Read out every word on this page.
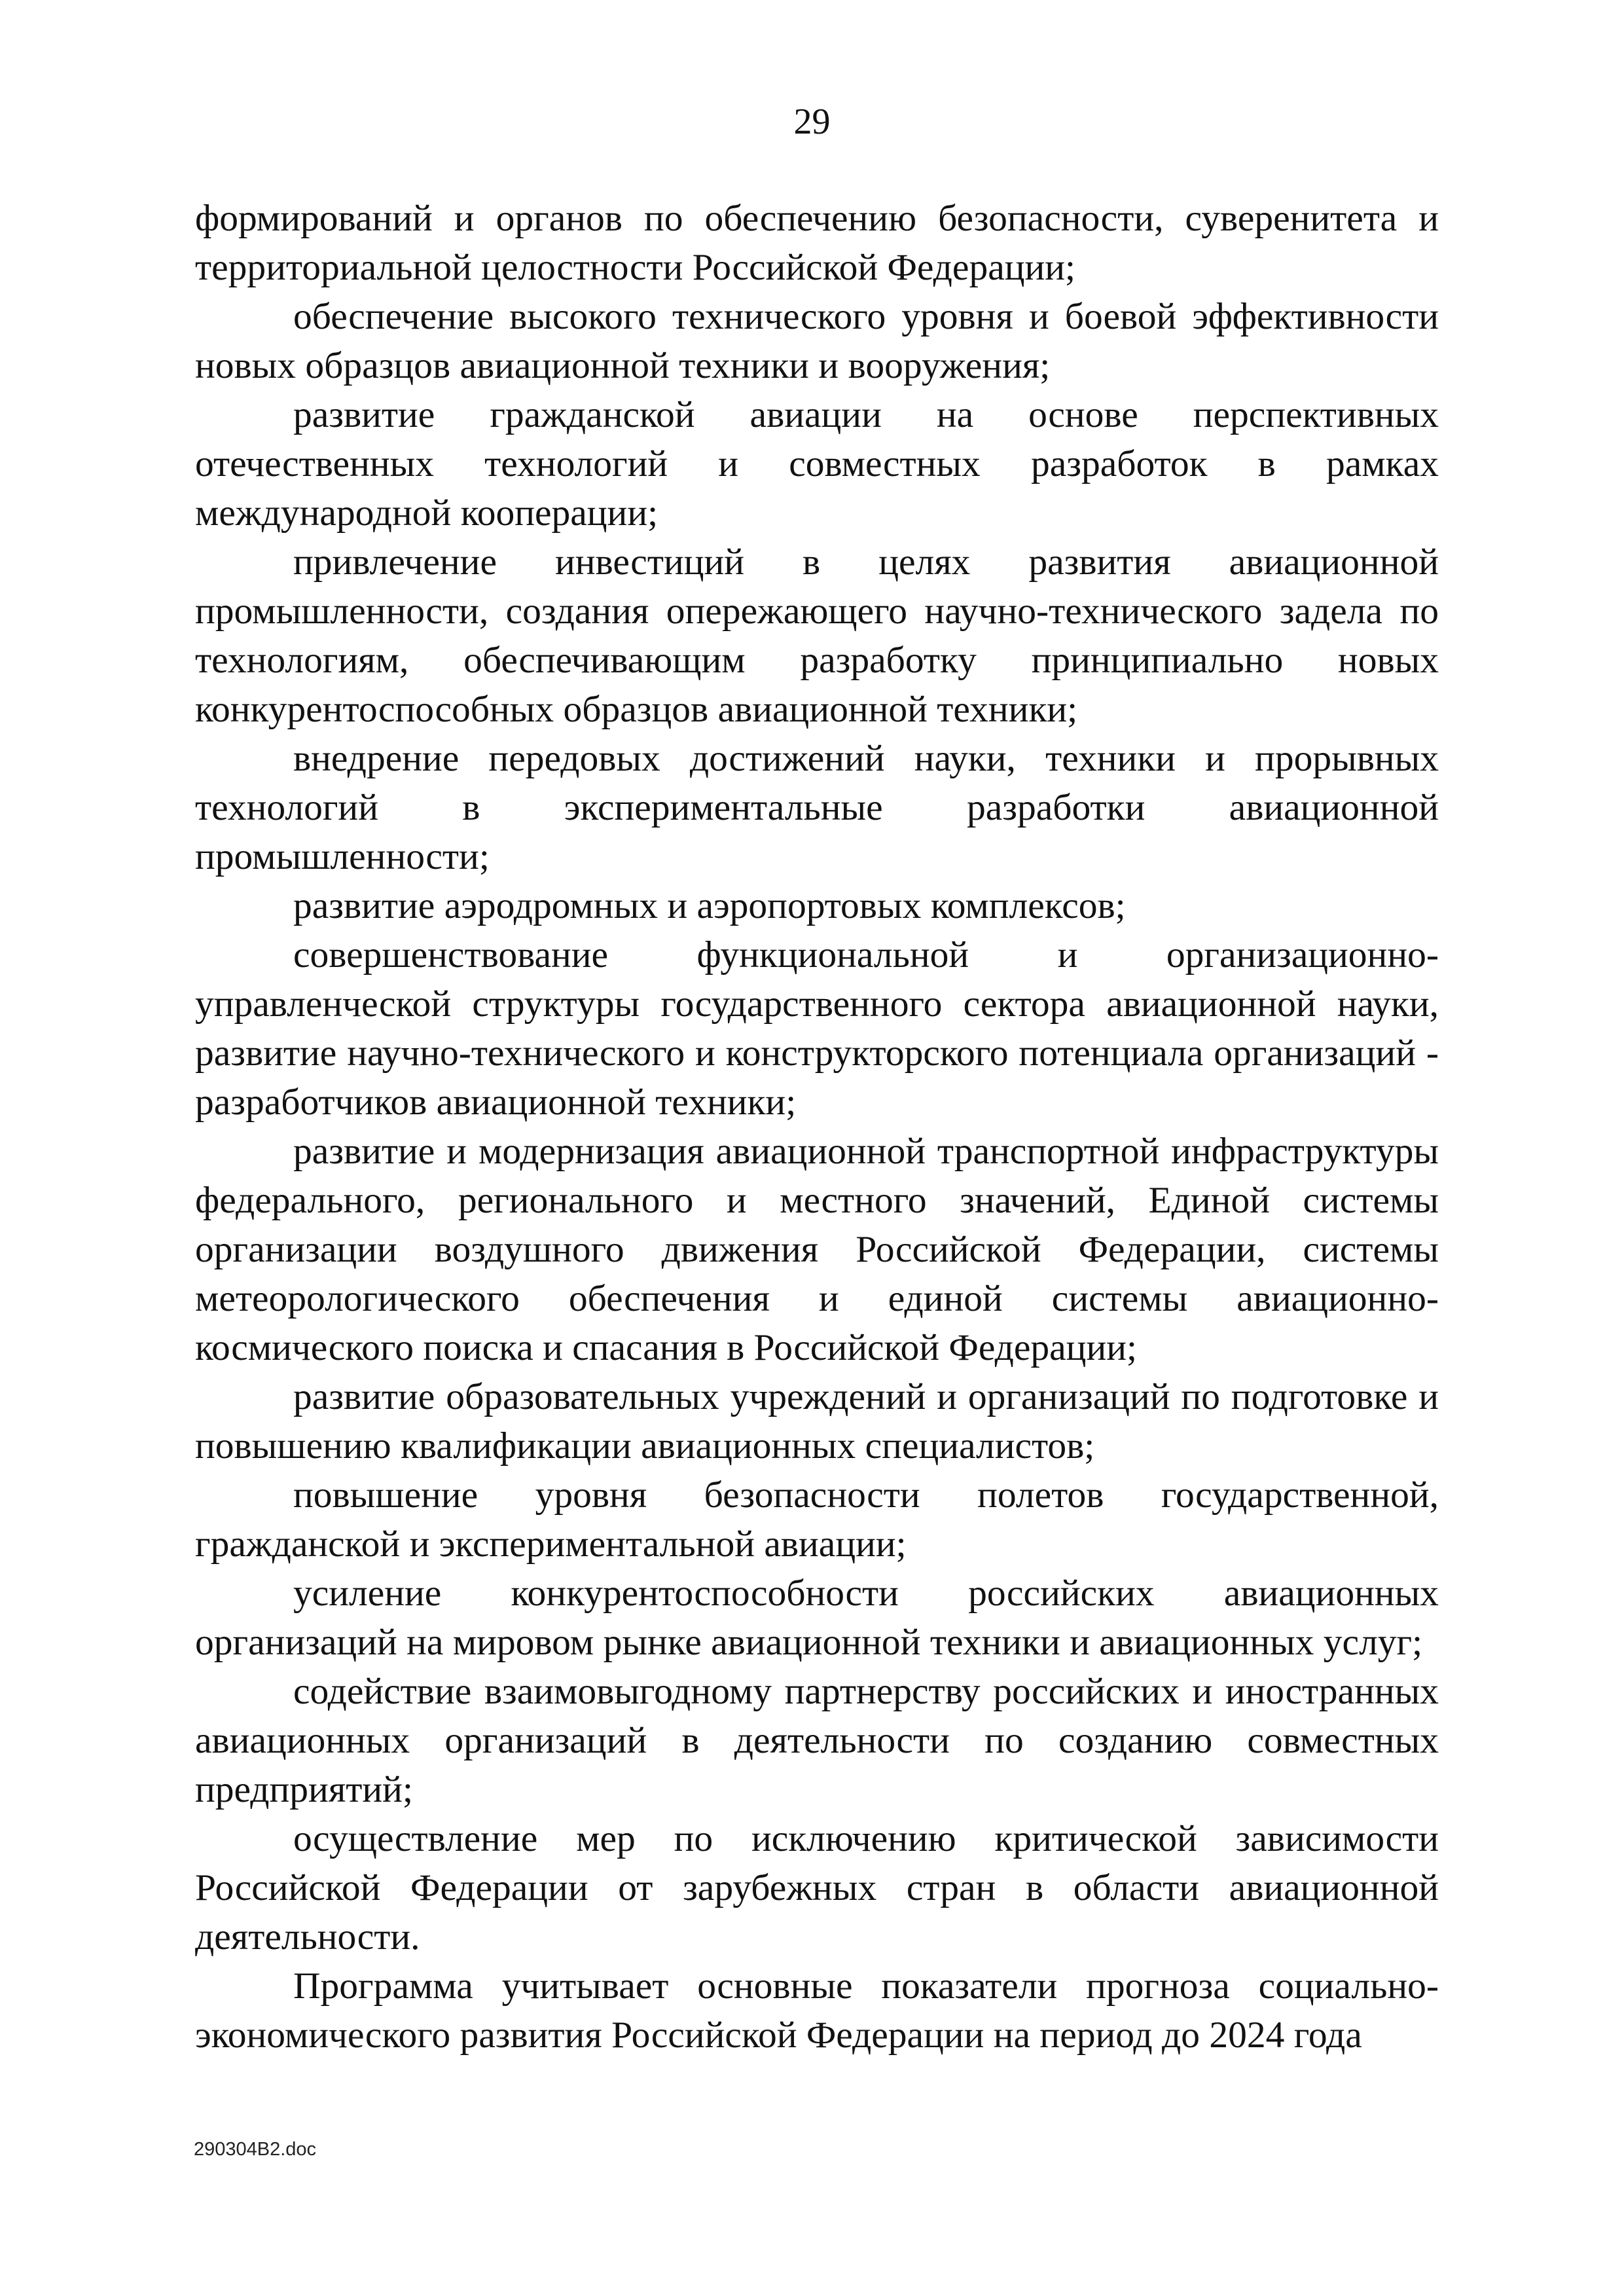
29

формирований и органов по обеспечению безопасности, суверенитета и территориальной целостности Российской Федерации;

обеспечение высокого технического уровня и боевой эффективности новых образцов авиационной техники и вооружения;

развитие гражданской авиации на основе перспективных отечественных технологий и совместных разработок в рамках международной кооперации;

привлечение инвестиций в целях развития авиационной промышленности, создания опережающего научно-технического задела по технологиям, обеспечивающим разработку принципиально новых конкурентоспособных образцов авиационной техники;

внедрение передовых достижений науки, техники и прорывных технологий в экспериментальные разработки авиационной промышленности;

развитие аэродромных и аэропортовых комплексов;

совершенствование функциональной и организационно-управленческой структуры государственного сектора авиационной науки, развитие научно-технического и конструкторского потенциала организаций - разработчиков авиационной техники;

развитие и модернизация авиационной транспортной инфраструктуры федерального, регионального и местного значений, Единой системы организации воздушного движения Российской Федерации, системы метеорологического обеспечения и единой системы авиационно-космического поиска и спасания в Российской Федерации;

развитие образовательных учреждений и организаций по подготовке и повышению квалификации авиационных специалистов;

повышение уровня безопасности полетов государственной, гражданской и экспериментальной авиации;

усиление конкурентоспособности российских авиационных организаций на мировом рынке авиационной техники и авиационных услуг;

содействие взаимовыгодному партнерству российских и иностранных авиационных организаций в деятельности по созданию совместных предприятий;

осуществление мер по исключению критической зависимости Российской Федерации от зарубежных стран в области авиационной деятельности.

Программа учитывает основные показатели прогноза социально-экономического развития Российской Федерации на период до 2024 года

290304B2.doc
